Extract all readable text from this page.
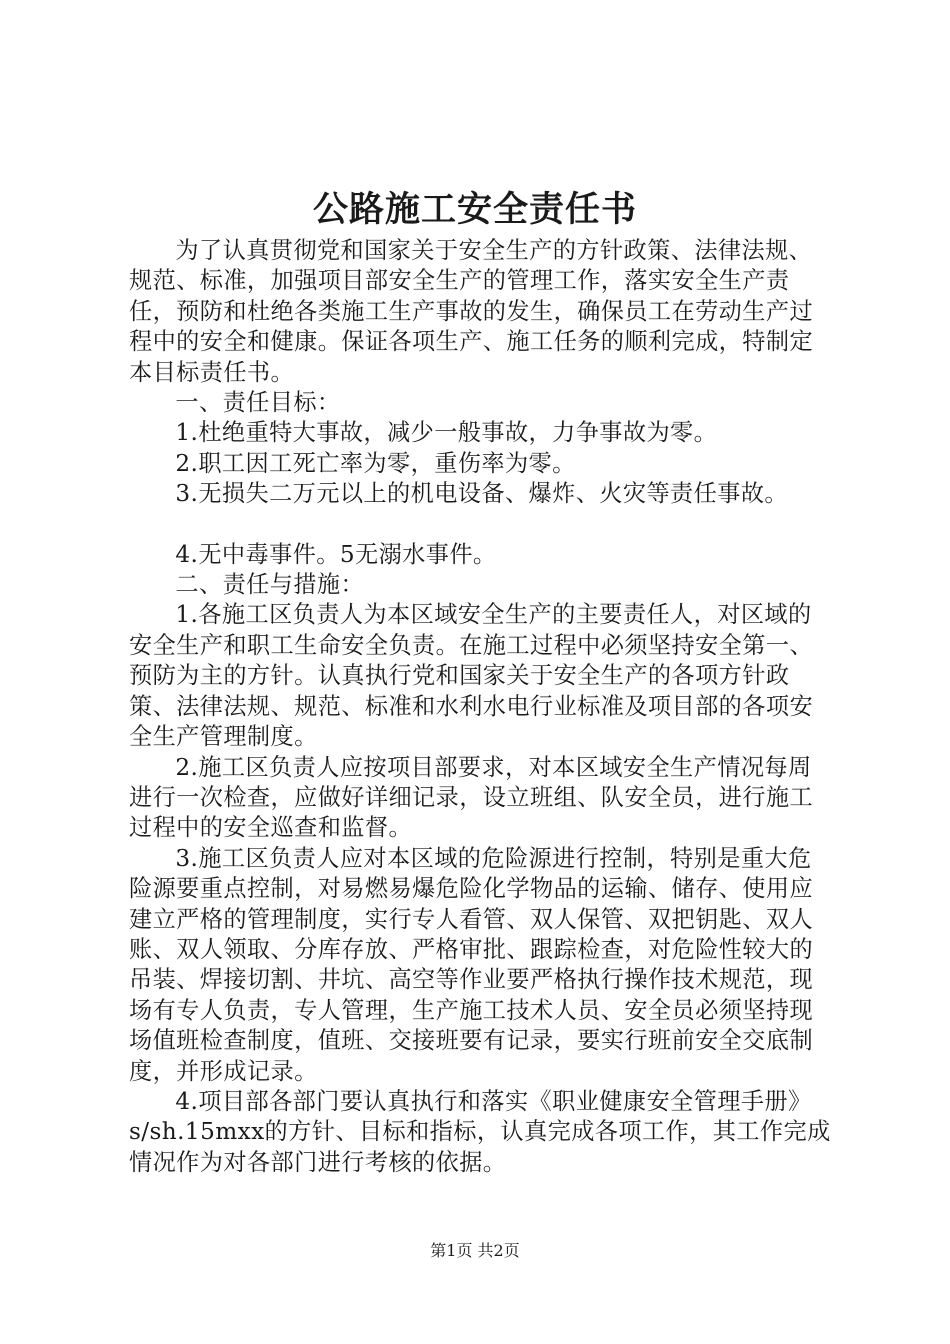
公路施工安全责任书

为了认真贯彻党和国家关于安全生产的方针政策、法律法规、规范、标准，加强项目部安全生产的管理工作，落实安全生产责任，预防和杜绝各类施工生产事故的发生，确保员工在劳动生产过程中的安全和健康。保证各项生产、施工任务的顺利完成，特制定本目标责任书。

一、责任目标：

1.杜绝重特大事故，减少一般事故，力争事故为零。

2.职工因工死亡率为零，重伤率为零。

3.无损失二万元以上的机电设备、爆炸、火灾等责任事故。

4.无中毒事件。5无溺水事件。

二、责任与措施：

1.各施工区负责人为本区域安全生产的主要责任人，对区域的安全生产和职工生命安全负责。在施工过程中必须坚持安全第一、预防为主的方针。认真执行党和国家关于安全生产的各项方针政策、法律法规、规范、标准和水利水电行业标准及项目部的各项安全生产管理制度。

2.施工区负责人应按项目部要求，对本区域安全生产情况每周进行一次检查，应做好详细记录，设立班组、队安全员，进行施工过程中的安全巡查和监督。

3.施工区负责人应对本区域的危险源进行控制，特别是重大危险源要重点控制，对易燃易爆危险化学物品的运输、储存、使用应建立严格的管理制度，实行专人看管、双人保管、双把钥匙、双人账、双人领取、分库存放、严格审批、跟踪检查，对危险性较大的吊装、焊接切割、井坑、高空等作业要严格执行操作技术规范，现场有专人负责，专人管理，生产施工技术人员、安全员必须坚持现场值班检查制度，值班、交接班要有记录，要实行班前安全交底制度，并形成记录。

4.项目部各部门要认真执行和落实《职业健康安全管理手册》s/sh.15mxx的方针、目标和指标，认真完成各项工作，其工作完成情况作为对各部门进行考核的依据。

第1页 共2页
